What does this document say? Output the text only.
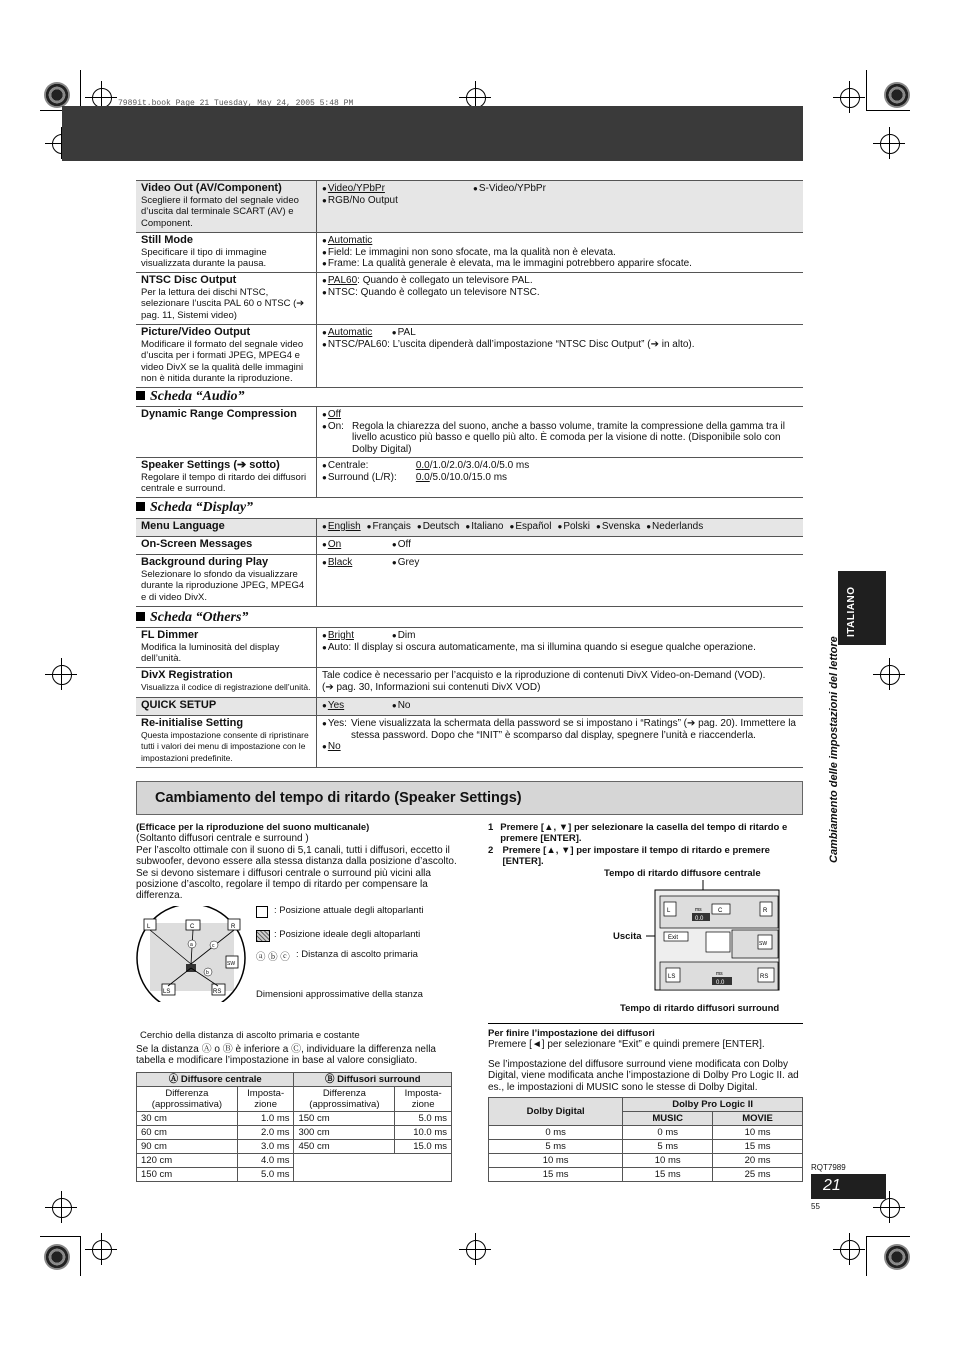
7989it.book Page 21 Tuesday, May 24, 2005 5:48 PM
Video Out (AV/Component)
Scegliere il formato del segnale video d’uscita dal terminale SCART (AV) e Component.
	● Video/YPbPr ● S-Video/YPbPr

● RGB/No Output
Still Mode
Specificare il tipo di immagine visualizzata durante la pausa.
	● Automatic
● Field: Le immagini non sono sfocate, ma la qualità non è elevata.
● Frame: La qualità generale è elevata, ma le immagini potrebbero apparire sfocate.
NTSC Disc Output
Per la lettura dei dischi NTSC, selezionare l’uscita PAL 60 o NTSC (➔ pag. 11, Sistemi video)
	● PAL60: Quando è collegato un televisore PAL.
● NTSC: Quando è collegato un televisore NTSC.
Picture/Video Output
Modificare il formato del segnale video d’uscita per i formati JPEG, MPEG4 e video DivX se la qualità delle immagini non è nitida durante la riproduzione.
	● Automatic ● PAL
● NTSC/PAL60: L’uscita dipenderà dall’impostazione “NTSC Disc Output” (➔ in alto).
Scheda “Audio”
Dynamic Range Compression	●Off

● On: Regola la chiarezza del suono, anche a basso volume, tramite la compressione della gamma tra il livello acustico più basso e quello più alto. È comoda per la visione di notte. (Disponibile solo con Dolby Digital)

Speaker Settings (➔ sotto)
Regolare il tempo di ritardo dei diffusori centrale e surround.
	● Centrale: 0.0/1.0/2.0/3.0/4.0/5.0 ms
● Surround (L/R): 0.0/5.0/10.0/15.0 ms
Scheda “Display”
Menu Language	●English ● Français ● Deutsch ● Italiano ● Español ● Polski ● Svenska ● Nederlands
On-Screen Messages	●On ● Off
Background during Play
Selezionare lo sfondo da visualizzare durante la riproduzione JPEG, MPEG4 e di video DivX.
	● Black ● Grey
Scheda “Others”
FL Dimmer
Modifica la luminosità del display dell’unità.
	● Bright ● Dim
● Auto: Il display si oscura automaticamente, ma si illumina quando si esegue qualche operazione.
DivX Registration
Visualizza il codice di registrazione dell’unità.	Tale codice è necessario per l’acquisto e la riproduzione di contenuti DivX Video-on-Demand (VOD).
(➔ pag. 30, Informazioni sui contenuti DivX VOD)
QUICK SETUP	●Yes ● No
Re-initialise Setting
Questa impostazione consente di ripristinare tutti i valori dei menu di impostazione con le impostazioni predefinite.

● Yes: Viene visualizzata la schermata della password se si impostano i “Ratings” (➔ pag. 20). Immettere la stessa password. Dopo che “INIT” è scomparso dal display, spegnere l’unità e riaccenderla.
● No
ITALIANO
Cambiamento delle impostazioni del lettore
Cambiamento del tempo di ritardo (Speaker Settings)
(Efficace per la riproduzione del suono multicanale)
(Soltanto diffusori centrale e surround )
Per l’ascolto ottimale con il suono di 5,1 canali, tutti i diffusori, eccetto il subwoofer, devono essere alla stessa distanza dalla posizione d’ascolto. Se si devono sistemare i diffusori centrale o surround più vicini alla posizione d’ascolto, regolare il tempo di ritardo per compensare la differenza.
L	C	R
LS	RS
SW
a	c
b
: Posizione attuale degli altoparlanti
: Posizione ideale degli altoparlanti
ⓐ ⓑ ⓒ : Distanza di ascolto primaria
Dimensioni approssimative della stanza
Cerchio della distanza di ascolto primaria e costante
Se la distanza Ⓐ o Ⓑ è inferiore a Ⓒ, individuare la differenza nella tabella e modificare l’impostazione in base al valore consigliato.
Ⓐ Diffusore centrale		Ⓑ Diffusori surround	
Differenza (approssimativa)	Imposta-zione	Differenza (approssimativa)	Imposta-zione
30 cm	1.0 ms	150 cm	5.0 ms
60 cm	2.0 ms	300 cm	10.0 ms
90 cm	3.0 ms	450 cm	15.0 ms
120 cm	4.0 ms		
150 cm	5.0 ms		
1 Premere [▲, ▼] per selezionare la casella del tempo di ritardo e premere [ENTER].
2 Premere [▲, ▼] per impostare il tempo di ritardo e premere [ENTER].
Tempo di ritardo diffusore centrale
Uscita
Tempo di ritardo diffusori surround
L	ms
0.0
C	R
Exit
SW
LS	ms
0.0
RS
Per finire l’impostazione dei diffusori
Premere [◄] per selezionare “Exit” e quindi premere [ENTER].
Se l’impostazione del diffusore surround viene modificata con Dolby Digital, viene modificata anche l’impostazione di Dolby Pro Logic II. ad es., le impostazioni di MUSIC sono le stesse di Dolby Digital.
Dolby Digital	Dolby Pro Logic II	
	MUSIC	MOVIE
0 ms	0 ms	10 ms
5 ms	5 ms	15 ms
10 ms	10 ms	20 ms
15 ms	15 ms	25 ms
RQT7989
21
55
